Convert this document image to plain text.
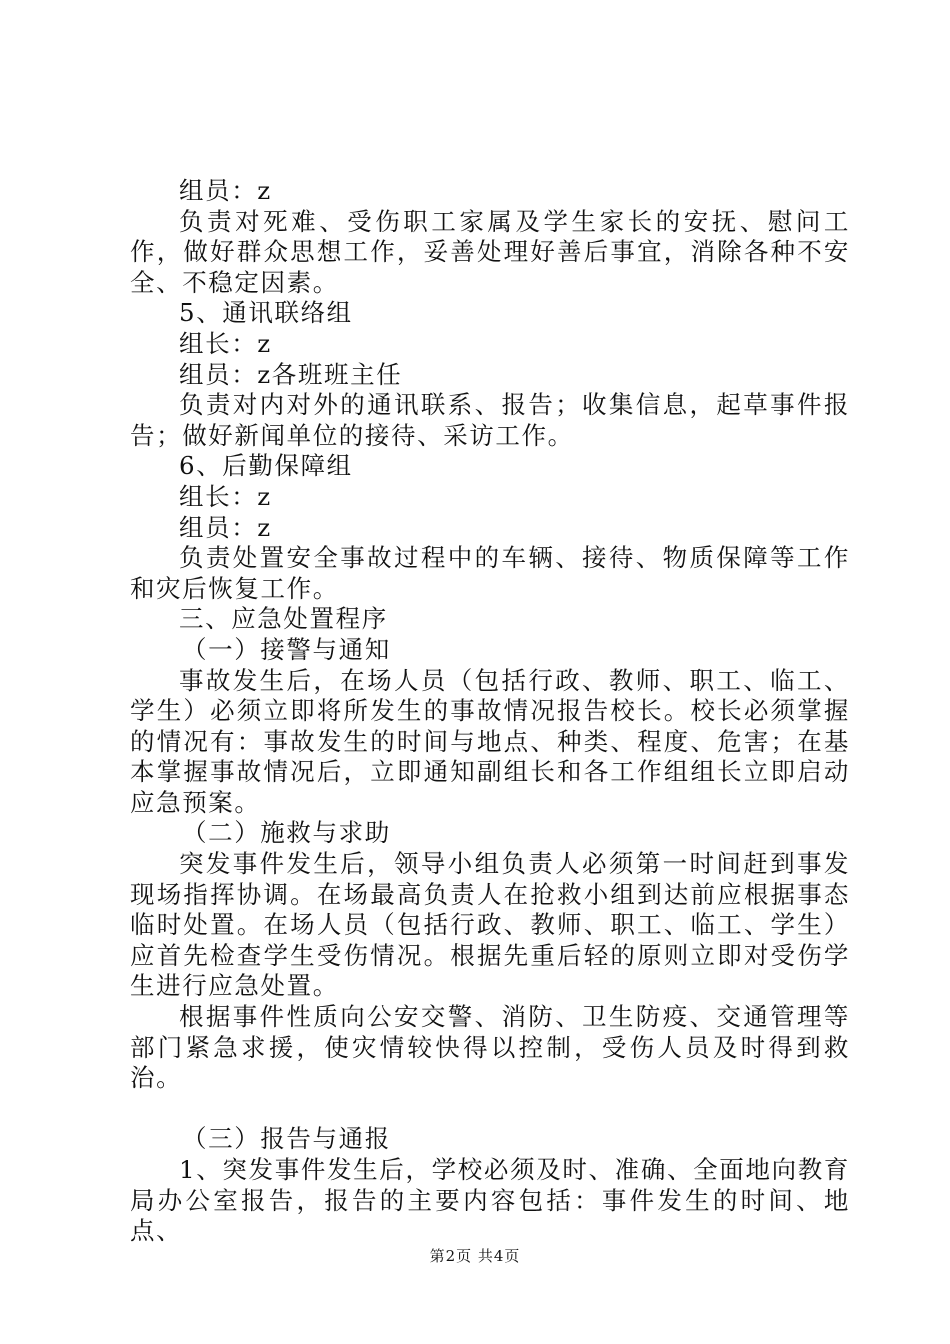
组员：z

负责对死难、受伤职工家属及学生家长的安抚、慰问工作，做好群众思想工作，妥善处理好善后事宜，消除各种不安全、不稳定因素。

5、通讯联络组

组长：z

组员：z各班班主任

负责对内对外的通讯联系、报告；收集信息，起草事件报告；做好新闻单位的接待、采访工作。

6、后勤保障组

组长：z

组员：z

负责处置安全事故过程中的车辆、接待、物质保障等工作和灾后恢复工作。

三、应急处置程序

（一）接警与通知

事故发生后，在场人员（包括行政、教师、职工、临工、学生）必须立即将所发生的事故情况报告校长。校长必须掌握的情况有：事故发生的时间与地点、种类、程度、危害；在基本掌握事故情况后，立即通知副组长和各工作组组长立即启动应急预案。

（二）施救与求助

突发事件发生后，领导小组负责人必须第一时间赶到事发现场指挥协调。在场最高负责人在抢救小组到达前应根据事态临时处置。在场人员（包括行政、教师、职工、临工、学生）应首先检查学生受伤情况。根据先重后轻的原则立即对受伤学生进行应急处置。

根据事件性质向公安交警、消防、卫生防疫、交通管理等部门紧急求援，使灾情较快得以控制，受伤人员及时得到救治。

（三）报告与通报

1、突发事件发生后，学校必须及时、准确、全面地向教育局办公室报告，报告的主要内容包括：事件发生的时间、地点、

第2页 共4页
